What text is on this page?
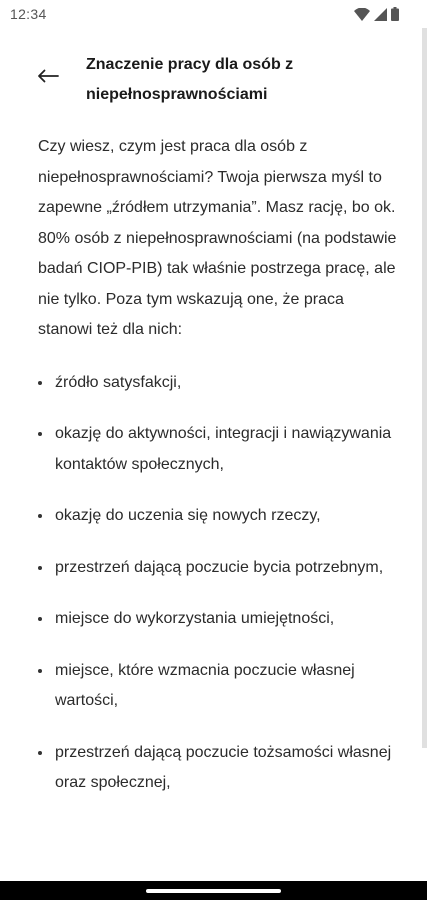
12:34
Znaczenie pracy dla osób z niepełnosprawnościami

Czy wiesz, czym jest praca dla osób z niepełnosprawnościami? Twoja pierwsza myśl to zapewne „źródłem utrzymania”. Masz rację, bo ok. 80% osób z niepełnosprawnościami (na podstawie badań CIOP-PIB) tak właśnie postrzega pracę, ale nie tylko. Poza tym wskazują one, że praca stanowi też dla nich:

źródło satysfakcji,
okazję do aktywności, integracji i nawiązywania kontaktów społecznych,
okazję do uczenia się nowych rzeczy,
przestrzeń dającą poczucie bycia potrzebnym,
miejsce do wykorzystania umiejętności,
miejsce, które wzmacnia poczucie własnej wartości,
przestrzeń dającą poczucie tożsamości własnej oraz społecznej,
